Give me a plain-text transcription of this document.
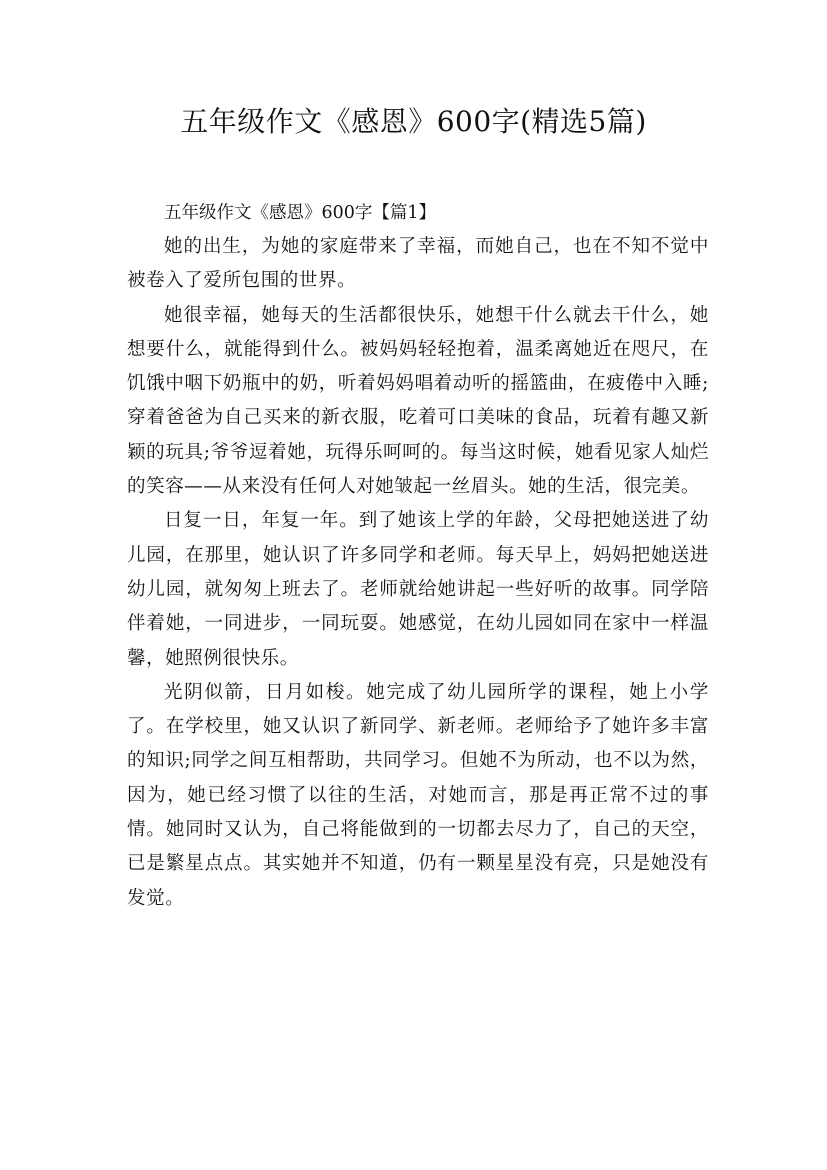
五年级作文《感恩》600字(精选5篇)

五年级作文《感恩》600字【篇1】

她的出生，为她的家庭带来了幸福，而她自己，也在不知不觉中被卷入了爱所包围的世界。

她很幸福，她每天的生活都很快乐，她想干什么就去干什么，她想要什么，就能得到什么。被妈妈轻轻抱着，温柔离她近在咫尺，在饥饿中咽下奶瓶中的奶，听着妈妈唱着动听的摇篮曲，在疲倦中入睡;穿着爸爸为自己买来的新衣服，吃着可口美味的食品，玩着有趣又新颖的玩具;爷爷逗着她，玩得乐呵呵的。每当这时候，她看见家人灿烂的笑容——从来没有任何人对她皱起一丝眉头。她的生活，很完美。

日复一日，年复一年。到了她该上学的年龄，父母把她送进了幼儿园，在那里，她认识了许多同学和老师。每天早上，妈妈把她送进幼儿园，就匆匆上班去了。老师就给她讲起一些好听的故事。同学陪伴着她，一同进步，一同玩耍。她感觉，在幼儿园如同在家中一样温馨，她照例很快乐。

光阴似箭，日月如梭。她完成了幼儿园所学的课程，她上小学了。在学校里，她又认识了新同学、新老师。老师给予了她许多丰富的知识;同学之间互相帮助，共同学习。但她不为所动，也不以为然，因为，她已经习惯了以往的生活，对她而言，那是再正常不过的事情。她同时又认为，自己将能做到的一切都去尽力了，自己的天空，已是繁星点点。其实她并不知道，仍有一颗星星没有亮，只是她没有发觉。
